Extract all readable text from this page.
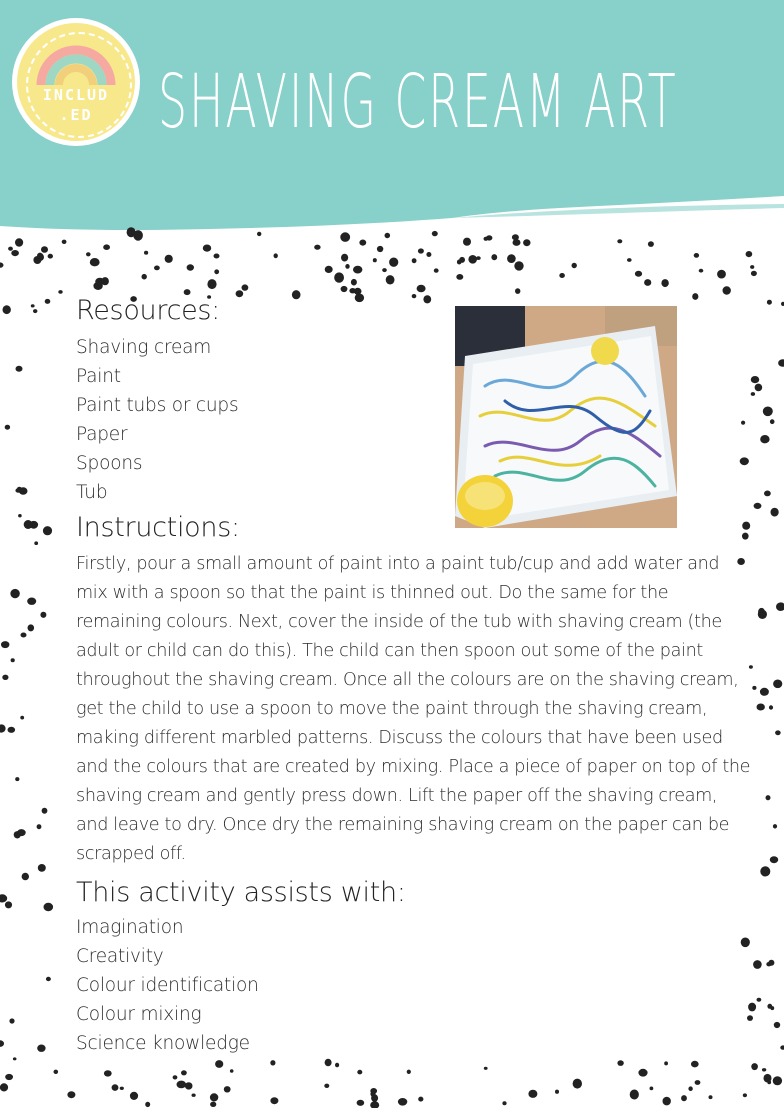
INCLUD
.ED SHAVING CREAM ART
Resources:
Shaving cream
Paint
Paint tubs or cups
Paper
Spoons
Tub
Instructions:

Firstly, pour a small amount of paint into a paint tub/cup and add water and mix with a spoon so that the paint is thinned out. Do the same for the remaining colours. Next, cover the inside of the tub with shaving cream (the adult or child can do this). The child can then spoon out some of the paint throughout the shaving cream. Once all the colours are on the shaving cream, get the child to use a spoon to move the paint through the shaving cream, making different marbled patterns. Discuss the colours that have been used and the colours that are created by mixing. Place a piece of paper on top of the shaving cream and gently press down. Lift the paper off the shaving cream, and leave to dry. Once dry the remaining shaving cream on the paper can be scrapped off.

This activity assists with:
Imagination
Creativity
Colour identification
Colour mixing
Science knowledge
